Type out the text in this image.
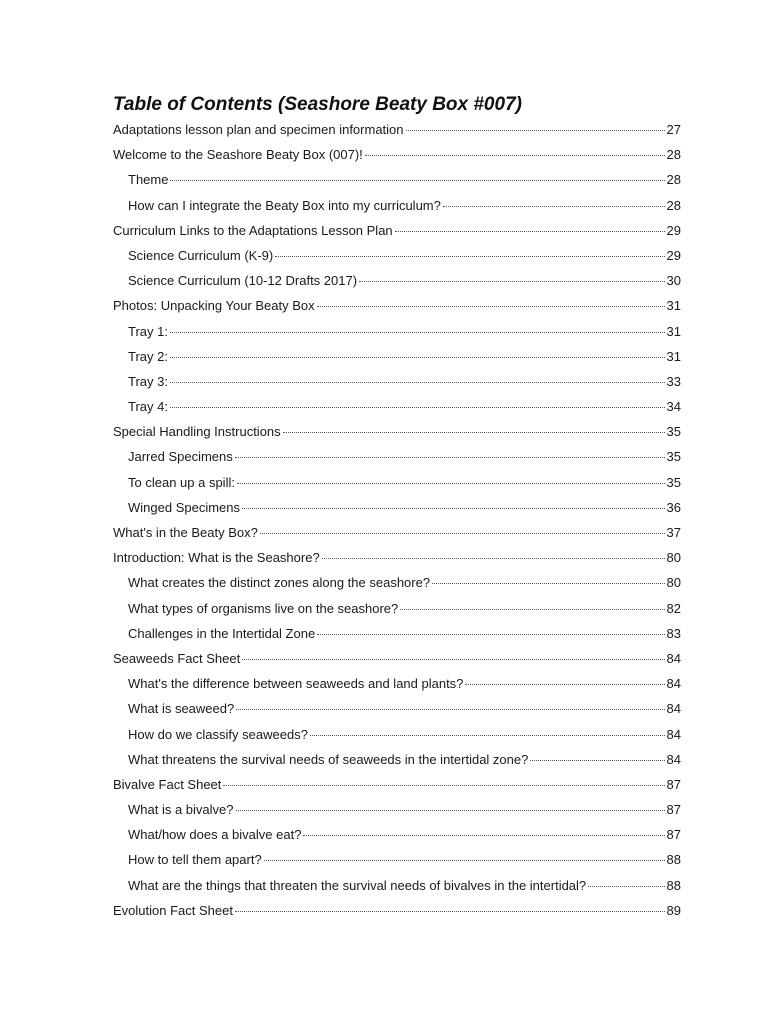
Table of Contents (Seashore Beaty Box #007)
Adaptations lesson plan and specimen information	27
Welcome to the Seashore Beaty Box (007)!	28
Theme	28
How can I integrate the Beaty Box into my curriculum?	28
Curriculum Links to the Adaptations Lesson Plan	29
Science Curriculum (K-9)	29
Science Curriculum (10-12 Drafts 2017)	30
Photos: Unpacking Your Beaty Box	31
Tray 1:	31
Tray 2:	31
Tray 3:	33
Tray 4:	34
Special Handling Instructions	35
Jarred Specimens	35
To clean up a spill:	35
Winged Specimens	36
What's in the Beaty Box?	37
Introduction: What is the Seashore?	80
What creates the distinct zones along the seashore?	80
What types of organisms live on the seashore?	82
Challenges in the Intertidal Zone	83
Seaweeds Fact Sheet	84
What's the difference between seaweeds and land plants?	84
What is seaweed?	84
How do we classify seaweeds?	84
What threatens the survival needs of seaweeds in the intertidal zone?	84
Bivalve Fact Sheet	87
What is a bivalve?	87
What/how does a bivalve eat?	87
How to tell them apart?	88
What are the things that threaten the survival needs of bivalves in the intertidal?	88
Evolution Fact Sheet	89
